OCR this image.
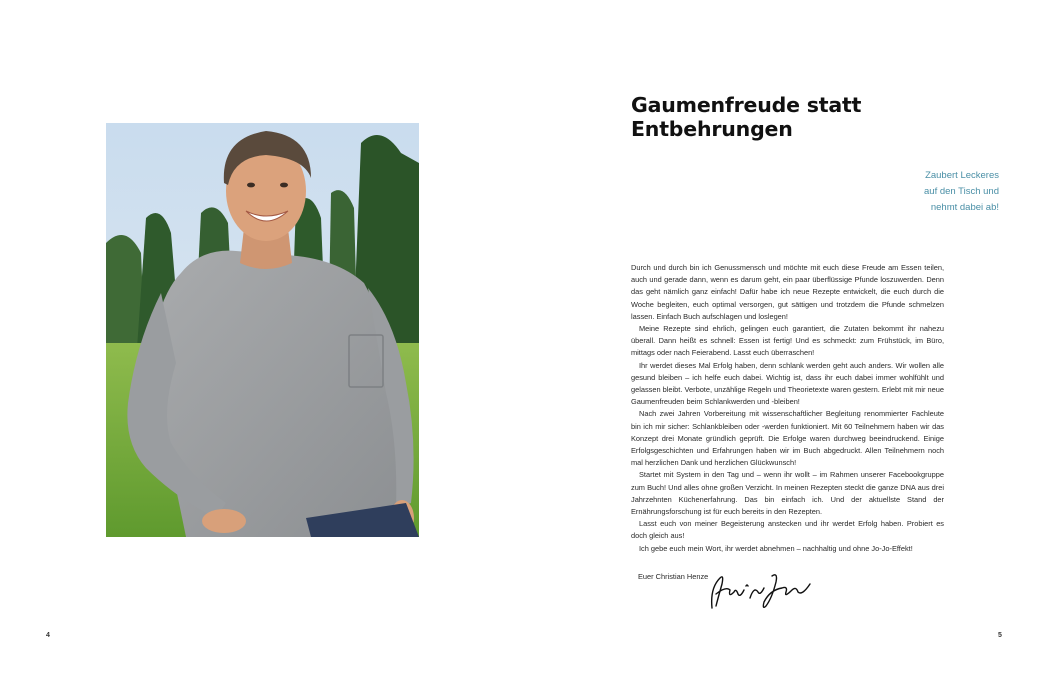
4
Gaumenfreude statt
Entbehrungen
Zaubert Leckeres
auf den Tisch und
nehmt dabei ab!

Durch und durch bin ich Genussmensch und möchte mit euch diese Freude am Essen teilen, auch und gerade dann, wenn es darum geht, ein paar überflüssige Pfunde loszuwerden. Denn das geht nämlich ganz einfach! Dafür habe ich neue Rezepte entwickelt, die euch durch die Woche begleiten, euch optimal versorgen, gut sättigen und trotzdem die Pfunde schmelzen lassen. Einfach Buch aufschlagen und loslegen!

Meine Rezepte sind ehrlich, gelingen euch garantiert, die Zutaten bekommt ihr nahezu überall. Dann heißt es schnell: Essen ist fertig! Und es schmeckt: zum Frühstück, im Büro, mittags oder nach Feierabend. Lasst euch überraschen!

Ihr werdet dieses Mal Erfolg haben, denn schlank werden geht auch anders. Wir wollen alle gesund bleiben – ich helfe euch dabei. Wichtig ist, dass ihr euch dabei immer wohlfühlt und gelassen bleibt. Verbote, unzählige Regeln und Theorietexte waren gestern. Erlebt mit mir neue Gaumenfreuden beim Schlankwerden und -bleiben!

Nach zwei Jahren Vorbereitung mit wissenschaftlicher Begleitung renommierter Fachleute bin ich mir sicher: Schlankbleiben oder -werden funktioniert. Mit 60 Teilnehmern haben wir das Konzept drei Monate gründlich geprüft. Die Erfolge waren durchweg beeindruckend. Einige Erfolgsgeschichten und Erfahrungen haben wir im Buch abgedruckt. Allen Teilnehmern noch mal herzlichen Dank und herzlichen Glückwunsch!

Startet mit System in den Tag und – wenn ihr wollt – im Rahmen unserer Facebookgruppe zum Buch! Und alles ohne großen Verzicht. In meinen Rezepten steckt die ganze DNA aus drei Jahrzehnten Küchenerfahrung. Das bin einfach ich. Und der aktuellste Stand der Ernährungsforschung ist für euch bereits in den Rezepten.

Lasst euch von meiner Begeisterung anstecken und ihr werdet Erfolg haben. Probiert es doch gleich aus!

Ich gebe euch mein Wort, ihr werdet abnehmen – nachhaltig und ohne Jo-Jo-Effekt!

Euer Christian Henze
5
